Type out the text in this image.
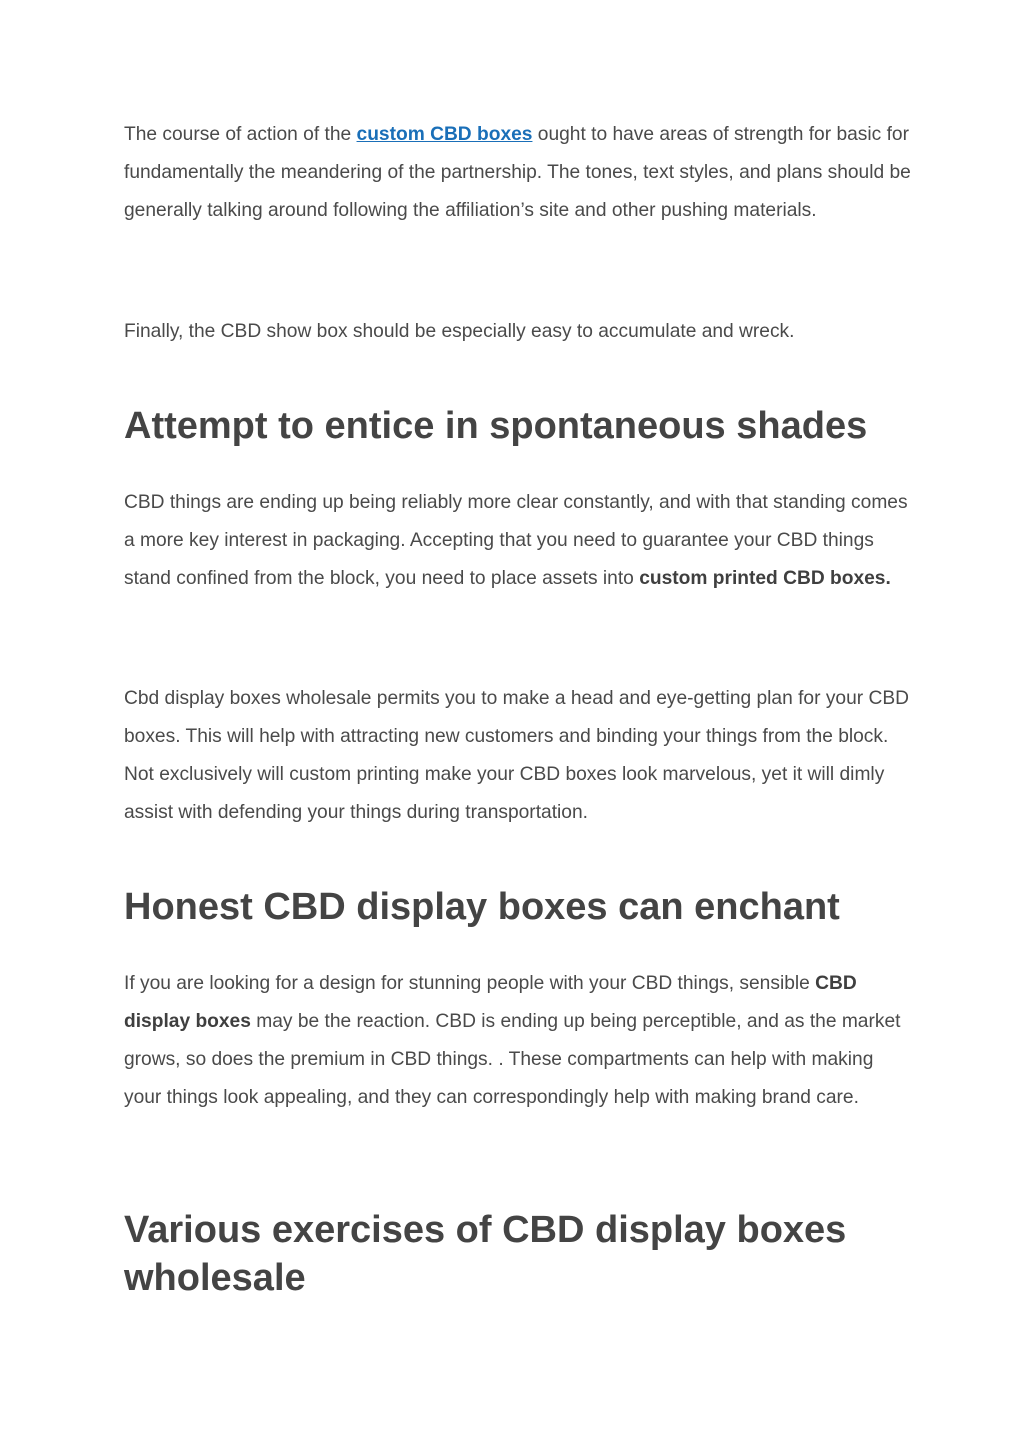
The course of action of the custom CBD boxes ought to have areas of strength for basic for fundamentally the meandering of the partnership. The tones, text styles, and plans should be generally talking around following the affiliation’s site and other pushing materials.

Finally, the CBD show box should be especially easy to accumulate and wreck.

Attempt to entice in spontaneous shades

CBD things are ending up being reliably more clear constantly, and with that standing comes a more key interest in packaging. Accepting that you need to guarantee your CBD things stand confined from the block, you need to place assets into custom printed CBD boxes.

Cbd display boxes wholesale permits you to make a head and eye-getting plan for your CBD boxes. This will help with attracting new customers and binding your things from the block. Not exclusively will custom printing make your CBD boxes look marvelous, yet it will dimly assist with defending your things during transportation.

Honest CBD display boxes can enchant

If you are looking for a design for stunning people with your CBD things, sensible CBD display boxes may be the reaction. CBD is ending up being perceptible, and as the market grows, so does the premium in CBD things. . These compartments can help with making your things look appealing, and they can correspondingly help with making brand care.

Various exercises of CBD display boxes wholesale
